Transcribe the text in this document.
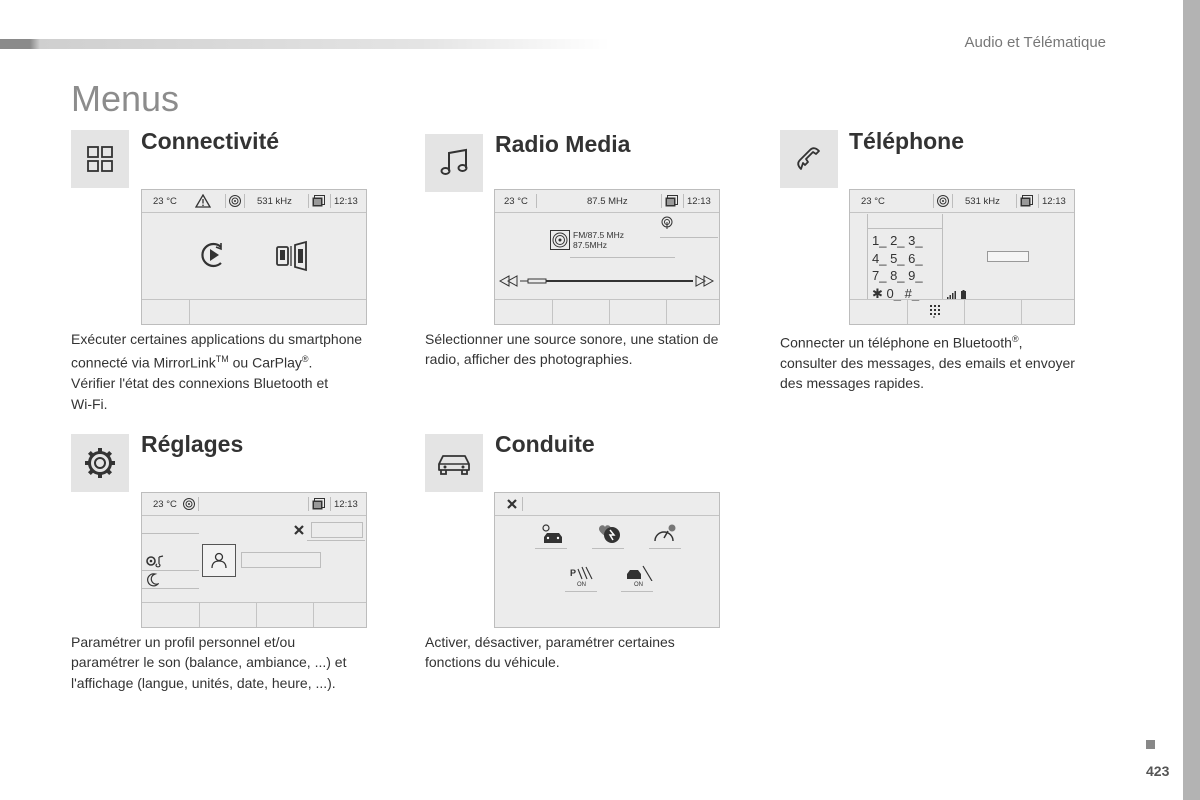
Audio et Télématique
Menus
423
Connectivité
23 °C	531 kHz	12:13
Exécuter certaines applications du smartphone
connecté via MirrorLink™ ou CarPlay®.
Vérifier l'état des connexions Bluetooth et
Wi-Fi.
Radio Media
23 °C	87.5 MHz	12:13
FM/87.5 MHz
87.5MHz
Sélectionner une source sonore, une station de
radio, afficher des photographies.
Téléphone
23 °C	531 kHz	12:13
1_ 2_ 3_
4_ 5_ 6_
7_ 8_ 9_
✱ 0_ #_
Connecter un téléphone en Bluetooth®,
consulter des messages, des emails et envoyer
des messages rapides.
Réglages
23 °C	12:13
Paramétrer un profil personnel et/ou
paramétrer le son (balance, ambiance, ...) et
l'affichage (langue, unités, date, heure, ...).
Conduite
P
ON	ON
Activer, désactiver, paramétrer certaines
fonctions du véhicule.
